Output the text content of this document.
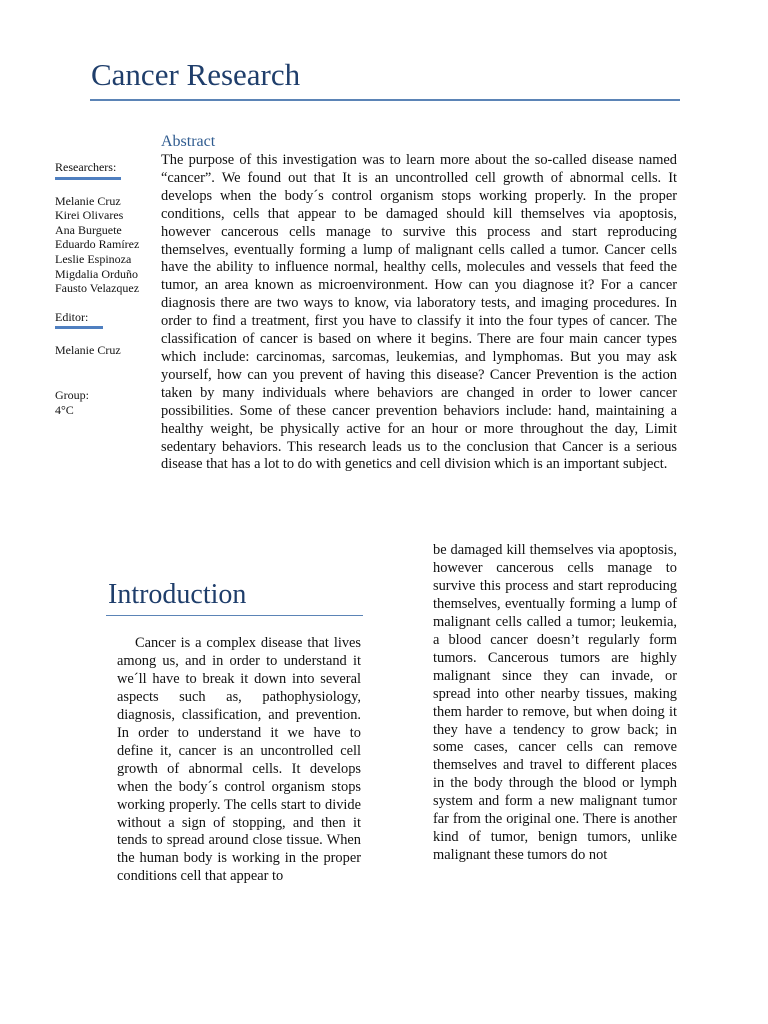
Cancer Research
Abstract

The purpose of this investigation was to learn more about the so-called disease named “cancer”. We found out that It is an uncontrolled cell growth of abnormal cells. It develops when the body´s control organism stops working properly. In the proper conditions, cells that appear to be damaged should kill themselves via apoptosis, however cancerous cells manage to survive this process and start reproducing themselves, eventually forming a lump of malignant cells called a tumor. Cancer cells have the ability to influence normal, healthy cells, molecules and vessels that feed the tumor, an area known as microenvironment. How can you diagnose it? For a cancer diagnosis there are two ways to know, via laboratory tests, and imaging procedures. In order to find a treatment, first you have to classify it into the four types of cancer. The classification of cancer is based on where it begins. There are four main cancer types which include: carcinomas, sarcomas, leukemias, and lymphomas. But you may ask yourself, how can you prevent of having this disease? Cancer Prevention is the action taken by many individuals where behaviors are changed in order to lower cancer possibilities. Some of these cancer prevention behaviors include: hand, maintaining a healthy weight, be physically active for an hour or more throughout the day, Limit sedentary behaviors. This research leads us to the conclusion that Cancer is a serious disease that has a lot to do with genetics and cell division which is an important subject.

Researchers:

Melanie Cruz
Kirei Olivares
Ana Burguete
Eduardo Ramírez
Leslie Espinoza
Migdalia Orduño
Fausto Velazquez

Editor:

Melanie Cruz

Group:

4°C

Introduction

Cancer is a complex disease that lives among us, and in order to understand it we´ll have to break it down into several aspects such as, pathophysiology, diagnosis, classification, and prevention. In order to understand it we have to define it, cancer is an uncontrolled cell growth of abnormal cells. It develops when the body´s control organism stops working properly. The cells start to divide without a sign of stopping, and then it tends to spread around close tissue. When the human body is working in the proper conditions cell that appear to

be damaged kill themselves via apoptosis, however cancerous cells manage to survive this process and start reproducing themselves, eventually forming a lump of malignant cells called a tumor; leukemia, a blood cancer doesn’t regularly form tumors. Cancerous tumors are highly malignant since they can invade, or spread into other nearby tissues, making them harder to remove, but when doing it they have a tendency to grow back; in some cases, cancer cells can remove themselves and travel to different places in the body through the blood or lymph system and form a new malignant tumor far from the original one. There is another kind of tumor, benign tumors, unlike malignant these tumors do not
